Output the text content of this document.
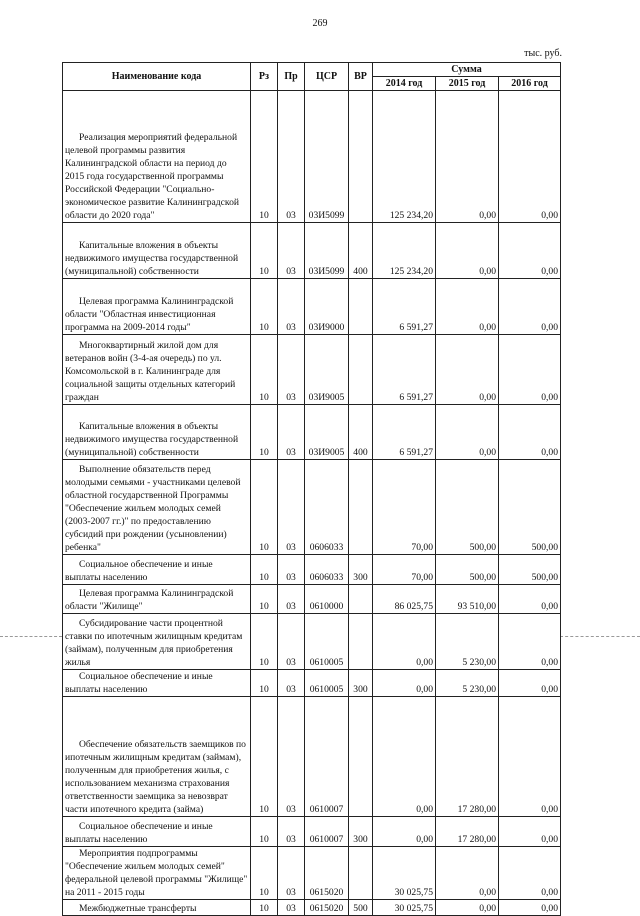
269
тыс. руб.
Наименование кода	Рз	Пр	ЦСР	ВР	Сумма		
					2014 год	2015 год	2016 год

Реализация мероприятий федеральной целевой программы развития Калининградской области на период до 2015 года государственной программы Российской Федерации "Социально-экономическое развитие Калининградской области до 2020 года"	10	03	03И5099		125 234,20	0,00	0,00

Капитальные вложения в объекты недвижимого имущества государственной (муниципальной) собственности	10	03	03И5099	400	125 234,20	0,00	0,00

Целевая программа Калининградской области "Областная инвестиционная программа на 2009-2014 годы"	10	03	03И9000		6 591,27	0,00	0,00

Многоквартирный жилой дом для ветеранов войн (3-4-ая очередь) по ул. Комсомольской в г. Калининграде для социальной защиты отдельных категорий граждан	10	03	03И9005		6 591,27	0,00	0,00

Капитальные вложения в объекты недвижимого имущества государственной (муниципальной) собственности	10	03	03И9005	400	6 591,27	0,00	0,00

Выполнение обязательств перед молодыми семьями - участниками целевой областной государственной Программы "Обеспечение жильем молодых семей (2003-2007 гг.)" по предоставлению субсидий при рождении (усыновлении) ребенка"	10	03	0606033		70,00	500,00	500,00

Социальное обеспечение и иные выплаты населению	10	03	0606033	300	70,00	500,00	500,00

Целевая программа Калининградской области "Жилище"	10	03	0610000		86 025,75	93 510,00	0,00

Субсидирование части процентной ставки по ипотечным жилищным кредитам (займам), полученным для приобретения жилья	10	03	0610005		0,00	5 230,00	0,00

Социальное обеспечение и иные выплаты населению	10	03	0610005	300	0,00	5 230,00	0,00

Обеспечение обязательств заемщиков по ипотечным жилищным кредитам (займам), полученным для приобретения жилья, с использованием механизма страхования ответственности заемщика за невозврат части ипотечного кредита (займа)	10	03	0610007		0,00	17 280,00	0,00

Социальное обеспечение и иные выплаты населению	10	03	0610007	300	0,00	17 280,00	0,00

Мероприятия подпрограммы "Обеспечение жильем молодых семей" федеральной целевой программы "Жилище" на 2011 - 2015 годы	10	03	0615020		30 025,75	0,00	0,00

Межбюджетные трансферты	10	03	0615020	500	30 025,75	0,00	0,00
